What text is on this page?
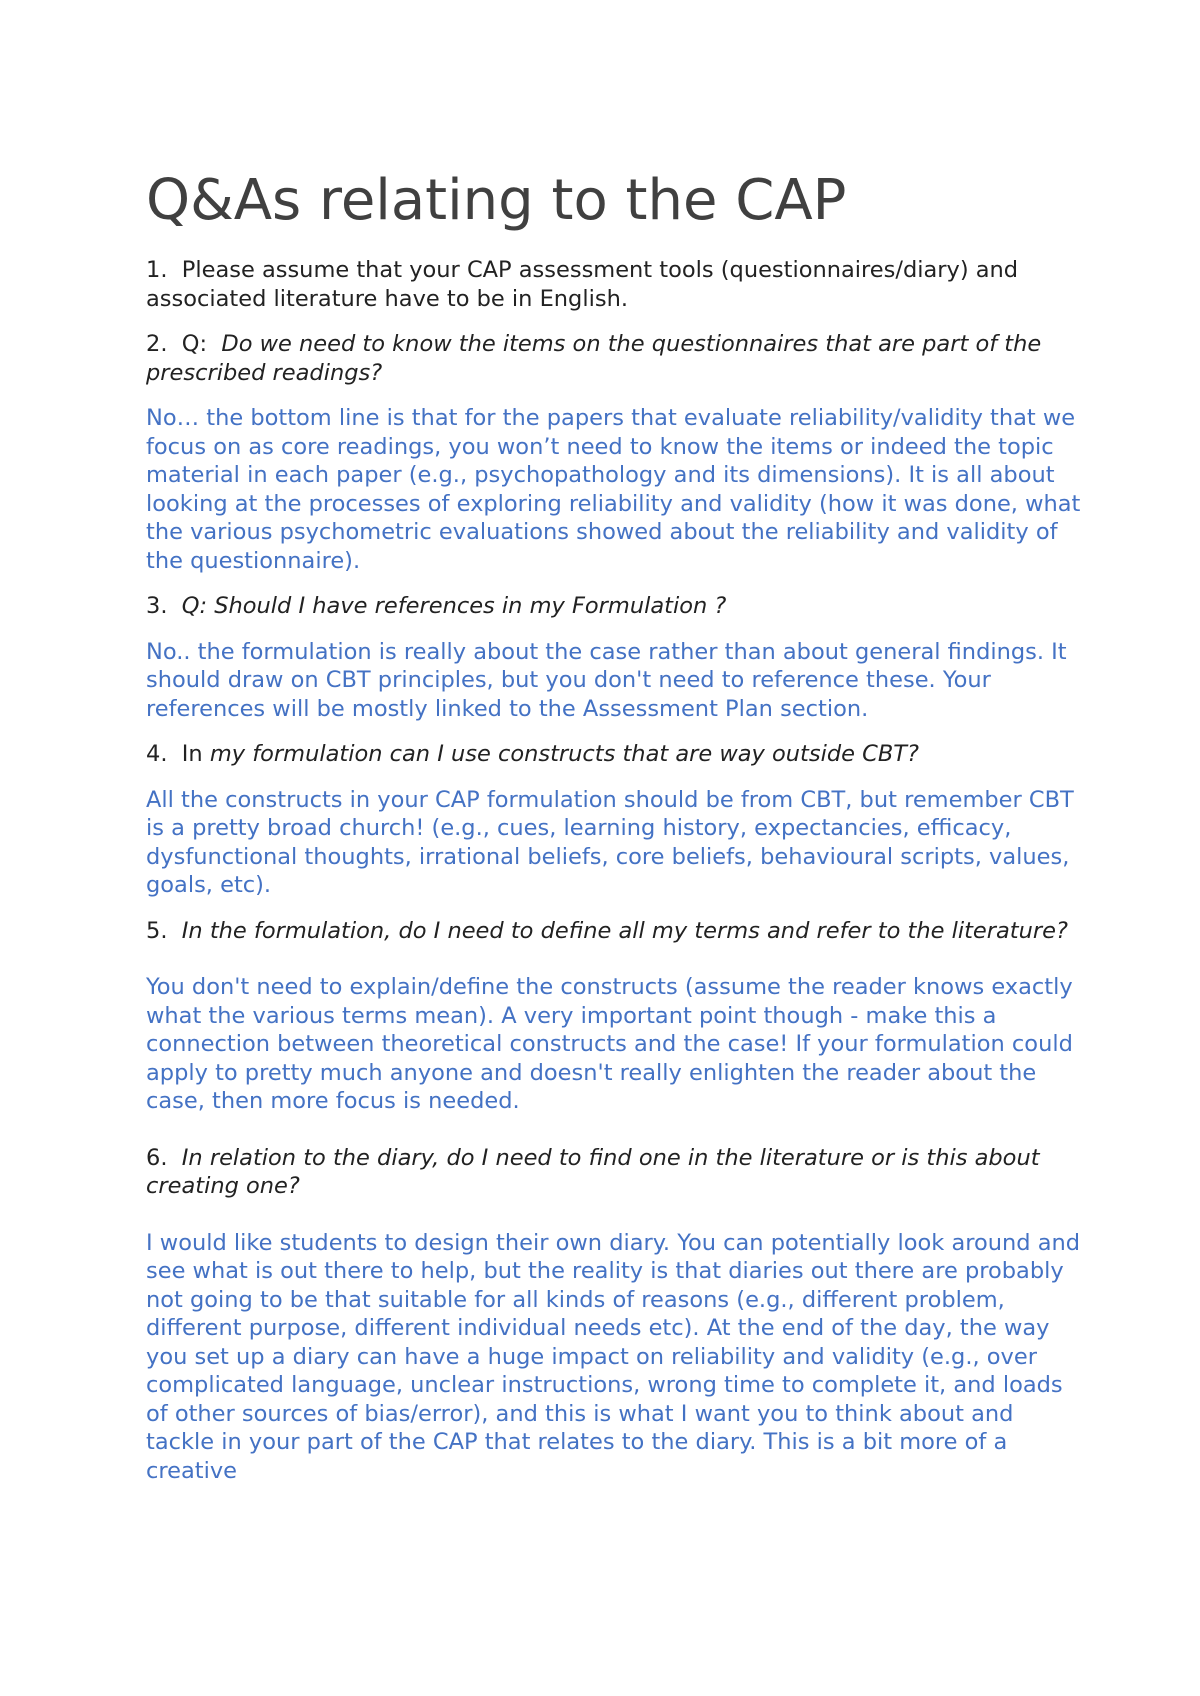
Q&As relating to the CAP

1. Please assume that your CAP assessment tools (questionnaires/diary) and associated literature have to be in English.

2. Q: Do we need to know the items on the questionnaires that are part of the prescribed readings?

No… the bottom line is that for the papers that evaluate reliability/validity that we focus on as core readings, you won’t need to know the items or indeed the topic material in each paper (e.g., psychopathology and its dimensions). It is all about looking at the processes of exploring reliability and validity (how it was done, what the various psychometric evaluations showed about the reliability and validity of the questionnaire).

3. Q: Should I have references in my Formulation ?

No.. the formulation is really about the case rather than about general findings. It should draw on CBT principles, but you don't need to reference these. Your references will be mostly linked to the Assessment Plan section.

4. In my formulation can I use constructs that are way outside CBT?

All the constructs in your CAP formulation should be from CBT, but remember CBT is a pretty broad church! (e.g., cues, learning history, expectancies, efficacy, dysfunctional thoughts, irrational beliefs, core beliefs, behavioural scripts, values, goals, etc).

5. In the formulation, do I need to define all my terms and refer to the literature?

You don't need to explain/define the constructs (assume the reader knows exactly what the various terms mean). A very important point though - make this a connection between theoretical constructs and the case! If your formulation could apply to pretty much anyone and doesn't really enlighten the reader about the case, then more focus is needed.

6. In relation to the diary, do I need to find one in the literature or is this about creating one?

I would like students to design their own diary. You can potentially look around and see what is out there to help, but the reality is that diaries out there are probably not going to be that suitable for all kinds of reasons (e.g., different problem, different purpose, different individual needs etc). At the end of the day, the way you set up a diary can have a huge impact on reliability and validity (e.g., over complicated language, unclear instructions, wrong time to complete it, and loads of other sources of bias/error), and this is what I want you to think about and tackle in your part of the CAP that relates to the diary. This is a bit more of a creative
